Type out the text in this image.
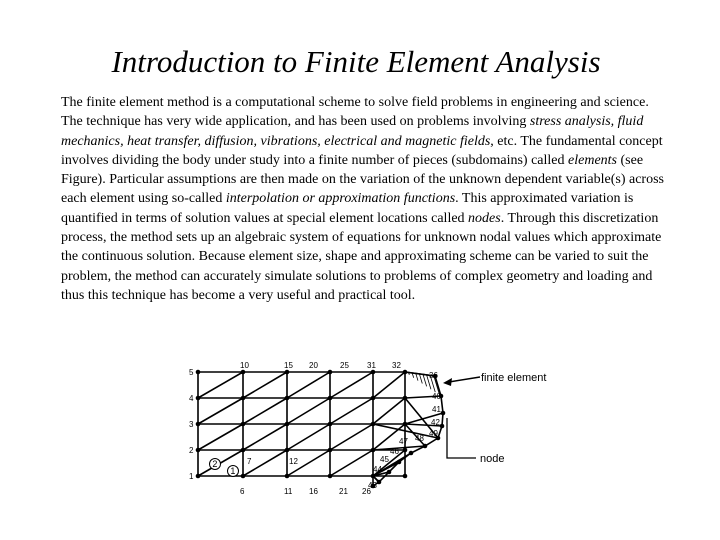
Introduction to Finite Element Analysis

The finite element method is a computational scheme to solve field problems in engineering and science. The technique has very wide application, and has been used on problems involving stress analysis, fluid mechanics, heat transfer, diffusion, vibrations, electrical and magnetic fields, etc. The fundamental concept involves dividing the body under study into a finite number of pieces (subdomains) called elements (see Figure). Particular assumptions are then made on the variation of the unknown dependent variable(s) across each element using so-called interpolation or approximation functions. This approximated variation is quantified in terms of solution values at special element locations called nodes. Through this discretization process, the method sets up an algebraic system of equations for unknown nodal values which approximate the continuous solution. Because element size, shape and approximating scheme can be varied to suit the problem, the method can accurately simulate solutions to problems of complex geometry and loading and thus this technique has become a very useful and practical tool.

5
4
3
2
1
10	15 20	25 31 32
6	11 16	21 26
7	12
36
40
41
42
49
48
47
46
45
44
43
2
1
finite element
node
